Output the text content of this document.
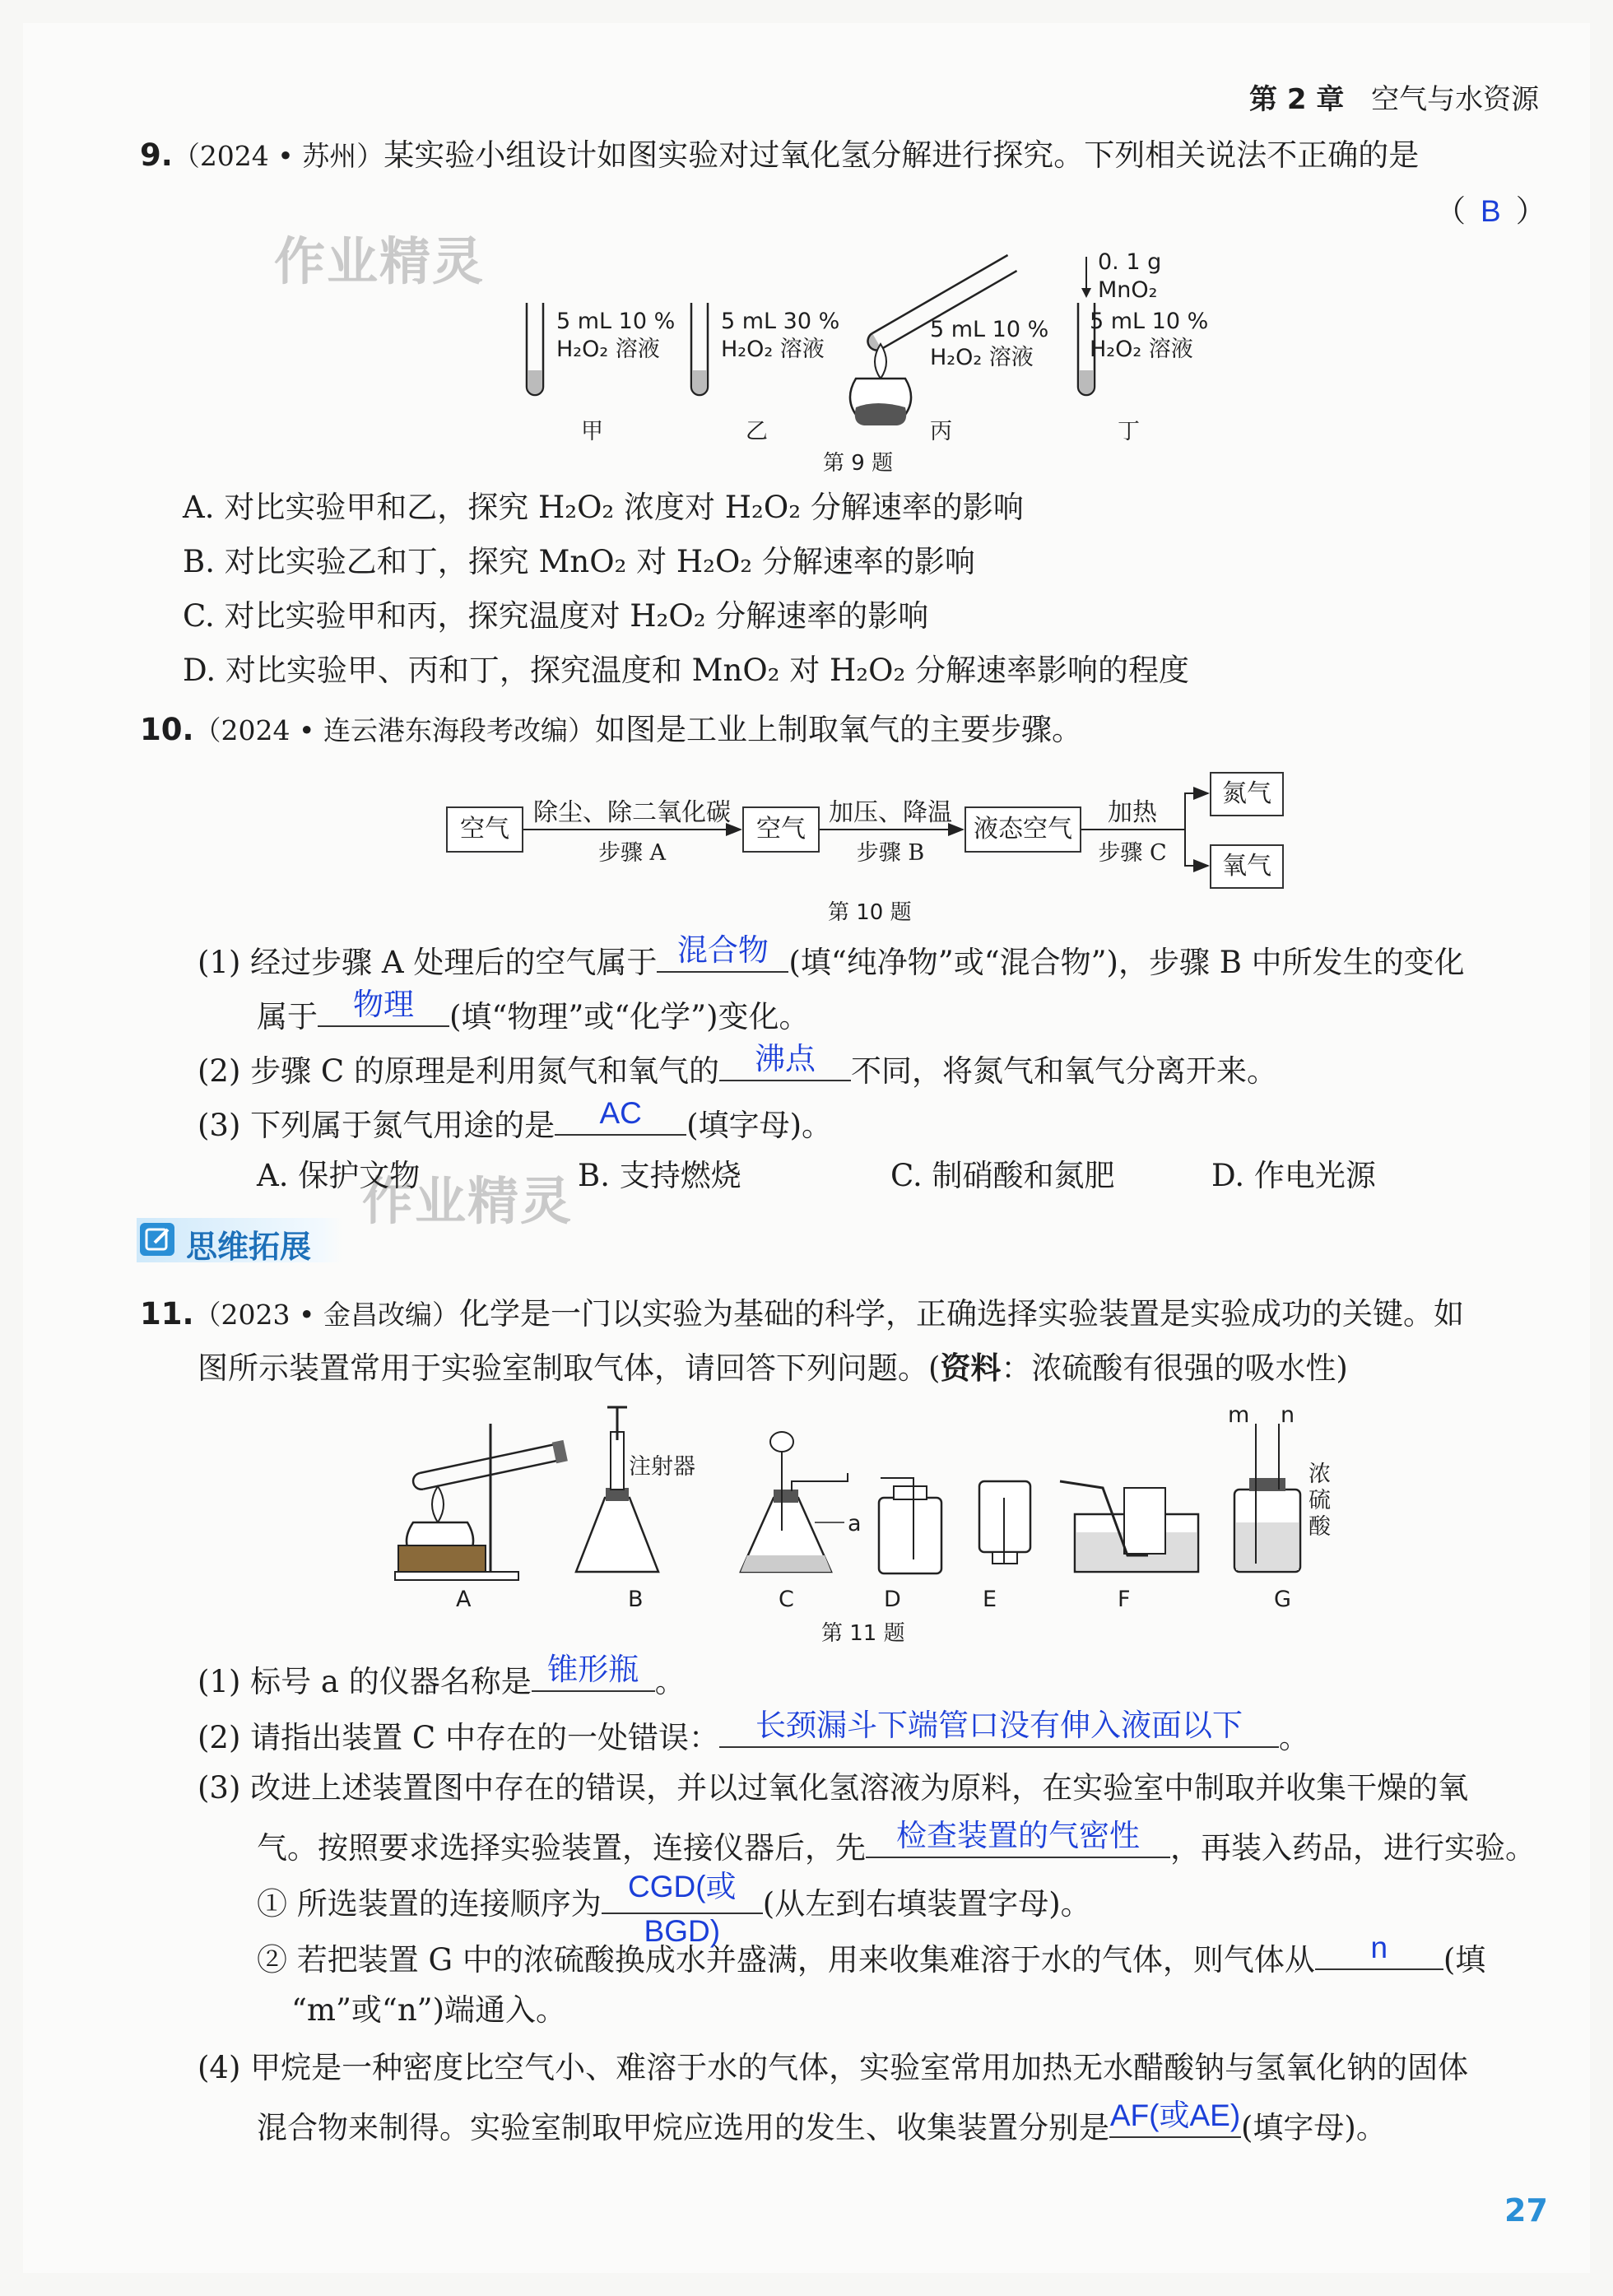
第 2 章 空气与水资源
作业精灵
作业精灵
9.（2024 • 苏州）某实验小组设计如图实验对过氧化氢分解进行探究。下列相关说法不正确的是
（ B ）
5 mL 10 %
H₂O₂ 溶液
5 mL 30 %
H₂O₂ 溶液
5 mL 10 %
H₂O₂ 溶液
5 mL 10 %
H₂O₂ 溶液
0. 1 g
MnO₂
甲	乙	丙	丁
第 9 题
A. 对比实验甲和乙，探究 H₂O₂ 浓度对 H₂O₂ 分解速率的影响
B. 对比实验乙和丁，探究 MnO₂ 对 H₂O₂ 分解速率的影响
C. 对比实验甲和丙，探究温度对 H₂O₂ 分解速率的影响
D. 对比实验甲、丙和丁，探究温度和 MnO₂ 对 H₂O₂ 分解速率影响的程度
10.（2024 • 连云港东海段考改编）如图是工业上制取氧气的主要步骤。
空气	空气	液态空气
氮气
氧气
除尘、除二氧化碳
步骤 A
加压、降温
步骤 B
加热
步骤 C
第 10 题
(1) 经过步骤 A 处理后的空气属于 混合物 (填“纯净物”或“混合物”)，步骤 B 中所发生的变化
属于	物理	(填“物理”或“化学”)变化。
(2) 步骤 C 的原理是利用氮气和氧气的	沸点	不同，将氮气和氧气分离开来。
(3) 下列属于氮气用途的是	AC	(填字母)。
A. 保护文物	B. 支持燃烧	C. 制硝酸和氮肥	D. 作电光源
思维拓展
11.（2023 • 金昌改编）化学是一门以实验为基础的科学，正确选择实验装置是实验成功的关键。如
图所示装置常用于实验室制取气体，请回答下列问题。(资料：浓硫酸有很强的吸水性)
A	B	C	D	E	F	G
注射器
a
m n
浓
硫
酸
第 11 题
(1) 标号 a 的仪器名称是 锥形瓶 。
(2) 请指出装置 C 中存在的一处错误：	长颈漏斗下端管口没有伸入液面以下	。
(3) 改进上述装置图中存在的错误，并以过氧化氢溶液为原料，在实验室中制取并收集干燥的氧
气。按照要求选择实验装置，连接仪器后，先	检查装置的气密性	，再装入药品，进行实验。
① 所选装置的连接顺序为 CGD(或
BGD)
(从左到右填装置字母)。
② 若把装置 G 中的浓硫酸换成水并盛满，用来收集难溶于水的气体，则气体从	n	(填
“m”或“n”)端通入。
(4) 甲烷是一种密度比空气小、难溶于水的气体，实验室常用加热无水醋酸钠与氢氧化钠的固体
混合物来制得。实验室制取甲烷应选用的发生、收集装置分别是 AF(或AE) (填字母)。
27
